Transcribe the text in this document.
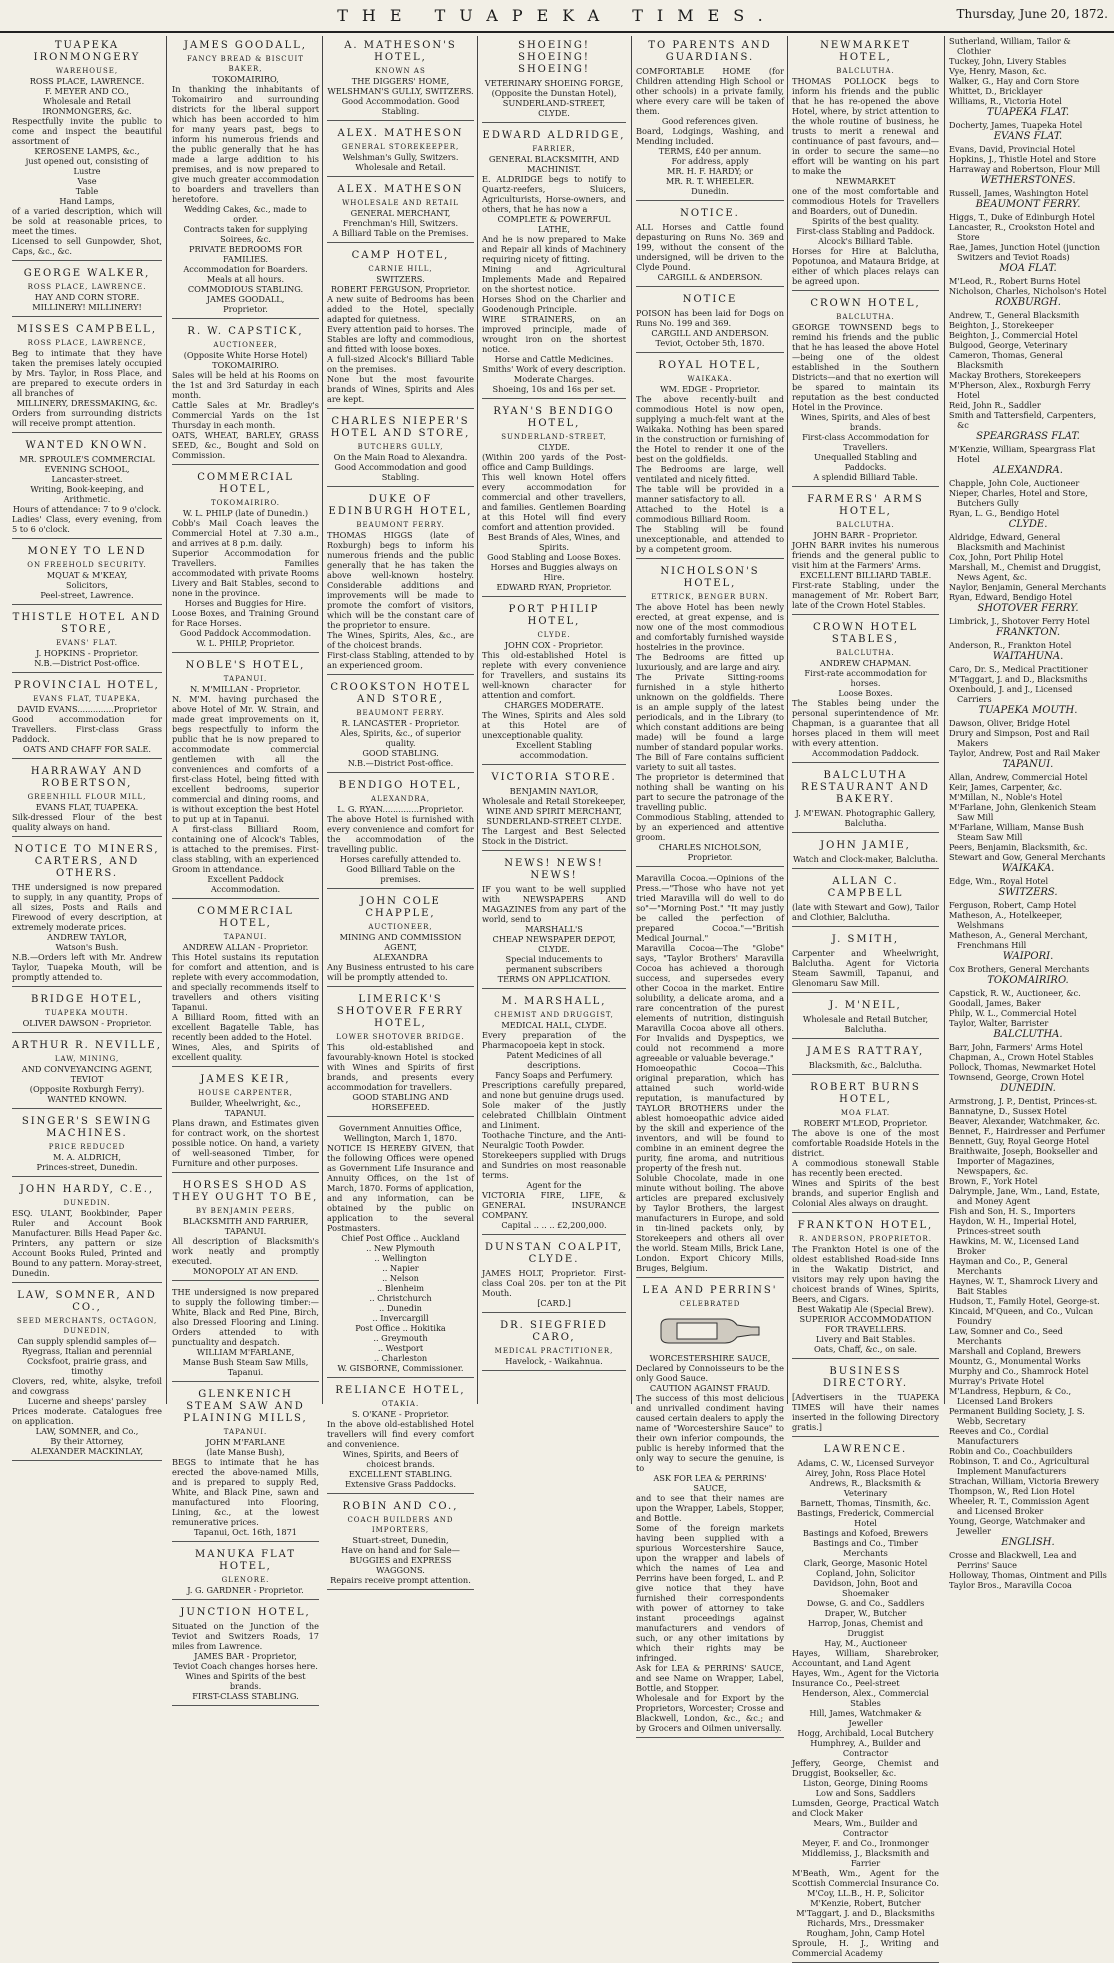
THE TUAPEKA TIMES.	Thursday, June 20, 1872.
TUAPEKA IRONMONGERY
WAREHOUSE,
ROSS PLACE, LAWRENCE.
F. MEYER AND CO.,
Wholesale and Retail
IRONMONGERS, &c.
Respectfully invite the public to come and inspect the beautiful assortment of
KEROSENE LAMPS, &c.,
just opened out, consisting of
Lustre
Vase
Table
Hand Lamps,
of a varied description, which will be sold at reasonable prices, to meet the times.
Licensed to sell Gunpowder, Shot, Caps, &c., &c.
GEORGE WALKER,
ROSS PLACE, LAWRENCE.
HAY AND CORN STORE.
MILLINERY! MILLINERY!
MISSES CAMPBELL,
ROSS PLACE, LAWRENCE,
Beg to intimate that they have taken the premises lately occupied by Mrs. Taylor, in Ross Place, and are prepared to execute orders in all branches of
MILLINERY, DRESSMAKING, &c.
Orders from surrounding districts will receive prompt attention.
WANTED KNOWN.
MR. SPROULE'S COMMERCIAL EVENING SCHOOL,
Lancaster-street.
Writing, Book-keeping, and Arithmetic.
Hours of attendance: 7 to 9 o'clock.
Ladies' Class, every evening, from 5 to 6 o'clock.
MONEY TO LEND
ON FREEHOLD SECURITY.
MQUAT & M'KEAY,
Solicitors,
Peel-street, Lawrence.
THISTLE HOTEL AND STORE,
EVANS' FLAT.
J. HOPKINS - Proprietor.
N.B.—District Post-office.
PROVINCIAL HOTEL,
EVANS FLAT, TUAPEKA,
DAVID EVANS..............Proprietor
Good accommodation for Travellers. First-class Grass Paddock.
OATS AND CHAFF FOR SALE.
HARRAWAY AND ROBERTSON,
GREENHILL FLOUR MILL,
EVANS FLAT, TUAPEKA.
Silk-dressed Flour of the best quality always on hand.
NOTICE TO MINERS, CARTERS, AND OTHERS.
THE undersigned is now prepared to supply, in any quantity, Props of all sizes, Posts and Rails and Firewood of every description, at extremely moderate prices.
ANDREW TAYLOR,
Watson's Bush.
N.B.—Orders left with Mr. Andrew Taylor, Tuapeka Mouth, will be promptly attended to.
BRIDGE HOTEL,
TUAPEKA MOUTH.
OLIVER DAWSON - Proprietor.
ARTHUR R. NEVILLE,
LAW, MINING,
AND CONVEYANCING AGENT,
TEVIOT
(Opposite Roxburgh Ferry).
WANTED KNOWN.
SINGER'S SEWING MACHINES.
PRICE REDUCED
M. A. ALDRICH,
Princes-street, Dunedin.
JOHN HARDY, C.E.,
DUNEDIN.
ESQ. ULANT, Bookbinder, Paper Ruler and Account Book Manufacturer. Bills Head Paper &c. Printers, any pattern or size Account Books Ruled, Printed and Bound to any pattern. Moray-street, Dunedin.
LAW, SOMNER, AND CO.,
SEED MERCHANTS, OCTAGON, DUNEDIN,
Can supply splendid samples of—
Ryegrass, Italian and perennial
Cocksfoot, prairie grass, and timothy
Clovers, red, white, alsyke, trefoil and cowgrass
Lucerne and sheeps' parsley
Prices moderate. Catalogues free on application.
LAW, SOMNER, and Co.,
By their Attorney,
ALEXANDER MACKINLAY,
JAMES GOODALL,
FANCY BREAD & BISCUIT BAKER,
TOKOMAIRIRO,
In thanking the inhabitants of Tokomairiro and surrounding districts for the liberal support which has been accorded to him for many years past, begs to inform his numerous friends and the public generally that he has made a large addition to his premises, and is now prepared to give much greater accommodation to boarders and travellers than heretofore.
Wedding Cakes, &c., made to order.
Contracts taken for supplying Soirees, &c.
PRIVATE BEDROOMS FOR FAMILIES.
Accommodation for Boarders.
Meals at all hours.
COMMODIOUS STABLING.
JAMES GOODALL,
Proprietor.
R. W. CAPSTICK,
AUCTIONEER,
(Opposite White Horse Hotel)
TOKOMAIRIRO.
Sales will be held at his Rooms on the 1st and 3rd Saturday in each month.
Cattle Sales at Mr. Bradley's Commercial Yards on the 1st Thursday in each month.
OATS, WHEAT, BARLEY, GRASS SEED, &c., Bought and Sold on Commission.
COMMERCIAL HOTEL,
TOKOMAIRIRO.
W. L. PHILP (late of Dunedin.)
Cobb's Mail Coach leaves the Commercial Hotel at 7.30 a.m., and arrives at 8 p.m. daily.
Superior Accommodation for Travellers. Families accommodated with private Rooms Livery and Bait Stables, second to none in the province.
Horses and Buggies for Hire.
Loose Boxes, and Training Ground for Race Horses.
Good Paddock Accommodation.
W. L. PHILP, Proprietor.
NOBLE'S HOTEL,
TAPANUI.
N. M'MILLAN - Proprietor.
N. M'M. having purchased the above Hotel of Mr. W. Strain, and made great improvements on it, begs respectfully to inform the public that he is now prepared to accommodate commercial gentlemen with all the conveniences and comforts of a first-class Hotel, being fitted with excellent bedrooms, superior commercial and dining rooms, and is without exception the best Hotel to put up at in Tapanui.
A first-class Billiard Room, containing one of Alcock's Tables, is attached to the premises. First-class stabling, with an experienced Groom in attendance.
Excellent Paddock Accommodation.
COMMERCIAL HOTEL,
TAPANUI.
ANDREW ALLAN - Proprietor.
This Hotel sustains its reputation for comfort and attention, and is replete with every accommodation, and specially recommends itself to travellers and others visiting Tapanui.
A Billiard Room, fitted with an excellent Bagatelle Table, has recently been added to the Hotel.
Wines, Ales, and Spirits of excellent quality.
JAMES KEIR,
HOUSE CARPENTER,
Builder, Wheelwright, &c.,
TAPANUI.
Plans drawn, and Estimates given for contract work, on the shortest possible notice. On hand, a variety of well-seasoned Timber, for Furniture and other purposes.
HORSES SHOD AS THEY OUGHT TO BE,
BY BENJAMIN PEERS,
BLACKSMITH AND FARRIER,
TAPANUI.
All description of Blacksmith's work neatly and promptly executed.
MONOPOLY AT AN END.
THE undersigned is now prepared to supply the following timber:—White, Black and Red Pine, Birch, also Dressed Flooring and Lining. Orders attended to with punctuality and despatch.
WILLIAM M'FARLANE,
Manse Bush Steam Saw Mills, Tapanui.
GLENKENICH STEAM SAW AND PLAINING MILLS,
TAPANUI.
JOHN M'FARLANE
(late Manse Bush),
BEGS to intimate that he has erected the above-named Mills, and is prepared to supply Red, White, and Black Pine, sawn and manufactured into Flooring, Lining, &c., at the lowest remunerative prices.
Tapanui, Oct. 16th, 1871
MANUKA FLAT HOTEL,
GLENORE.
J. G. GARDNER - Proprietor.
JUNCTION HOTEL,
Situated on the Junction of the Teviot and Switzers Roads, 17 miles from Lawrence.
JAMES BAR - Proprietor,
Teviot Coach changes horses here.
Wines and Spirits of the best brands.
FIRST-CLASS STABLING.
A. MATHESON'S HOTEL,
KNOWN AS
THE DIGGERS' HOME,
WELSHMAN'S GULLY, SWITZERS.
Good Accommodation. Good Stabling.
ALEX. MATHESON
GENERAL STOREKEEPER,
Welshman's Gully, Switzers.
Wholesale and Retail.
ALEX. MATHESON
WHOLESALE AND RETAIL
GENERAL MERCHANT,
Frenchman's Hill, Switzers.
A Billiard Table on the Premises.
CAMP HOTEL,
CARNIE HILL,
SWITZERS.
ROBERT FERGUSON, Proprietor.
A new suite of Bedrooms has been added to the Hotel, specially adapted for quietness.
Every attention paid to horses. The Stables are lofty and commodious, and fitted with loose boxes.
A full-sized Alcock's Billiard Table on the premises.
None but the most favourite brands of Wines, Spirits and Ales are kept.
CHARLES NIEPER'S HOTEL AND STORE,
BUTCHERS GULLY,
On the Main Road to Alexandra.
Good Accommodation and good Stabling.
DUKE OF EDINBURGH HOTEL,
BEAUMONT FERRY.
THOMAS HIGGS (late of Roxburgh) begs to inform his numerous friends and the public generally that he has taken the above well-known hostelry. Considerable additions and improvements will be made to promote the comfort of visitors, which will be the constant care of the proprietor to ensure.
The Wines, Spirits, Ales, &c., are of the choicest brands.
First-class Stabling, attended to by an experienced groom.
CROOKSTON HOTEL AND STORE,
BEAUMONT FERRY.
R. LANCASTER - Proprietor.
Ales, Spirits, &c., of superior quality.
GOOD STABLING.
N.B.—District Post-office.
BENDIGO HOTEL,
ALEXANDRA,
L. G. RYAN..............Proprietor.
The above Hotel is furnished with every convenience and comfort for the accommodation of the travelling public.
Horses carefully attended to.
Good Billiard Table on the premises.
JOHN COLE CHAPPLE,
AUCTIONEER,
MINING AND COMMISSION AGENT,
ALEXANDRA
Any Business entrusted to his care will be promptly attended to.
LIMERICK'S SHOTOVER FERRY HOTEL,
LOWER SHOTOVER BRIDGE.
This old-established and favourably-known Hotel is stocked with Wines and Spirits of first brands, and presents every accommodation for travellers.
GOOD STABLING AND HORSEFEED.
Government Annuities Office,
Wellington, March 1, 1870.
NOTICE IS HEREBY GIVEN, that the following Offices were opened as Government Life Insurance and Annuity Offices, on the 1st of March, 1870. Forms of application, and any information, can be obtained by the public on application to the several Postmasters.
Chief Post Office .. Auckland
.. New Plymouth
.. Wellington
.. Napier
.. Nelson
.. Blenheim
.. Christchurch
.. Dunedin
.. Invercargill
Post Office .. Hokitika
.. Greymouth
.. Westport
.. Charleston
W. GISBORNE, Commissioner.
RELIANCE HOTEL,
OTAKIA.
S. O'KANE - Proprietor.
In the above old-established Hotel travellers will find every comfort and convenience.
Wines, Spirits, and Beers of choicest brands.
EXCELLENT STABLING.
Extensive Grass Paddocks.
ROBIN AND CO.,
COACH BUILDERS AND IMPORTERS,
Stuart-street, Dunedin,
Have on hand and for Sale—
BUGGIES and EXPRESS WAGGONS.
Repairs receive prompt attention.
SHOEING! SHOEING! SHOEING!
VETERINARY SHOEING FORGE,
(Opposite the Dunstan Hotel),
SUNDERLAND-STREET,
CLYDE.
EDWARD ALDRIDGE,
FARRIER,
GENERAL BLACKSMITH, AND MACHINIST.
E. ALDRIDGE begs to notify to Quartz-reefers, Sluicers, Agriculturists, Horse-owners, and others, that he has now a
COMPLETE & POWERFUL LATHE,
And he is now prepared to Make and Repair all kinds of Machinery requiring nicety of fitting.
Mining and Agricultural Implements Made and Repaired on the shortest notice.
Horses Shod on the Charlier and Goodenough Principle.
WIRE STRAINERS, on an improved principle, made of wrought iron on the shortest notice.
Horse and Cattle Medicines.
Smiths' Work of every description.
Moderate Charges.
Shoeing, 10s and 16s per set.
RYAN'S BENDIGO HOTEL,
SUNDERLAND-STREET,
CLYDE.
(Within 200 yards of the Post-office and Camp Buildings.
This well known Hotel offers every accommodation for commercial and other travellers, and families. Gentlemen Boarding at this Hotel will find every comfort and attention provided.
Best Brands of Ales, Wines, and Spirits.
Good Stabling and Loose Boxes.
Horses and Buggies always on Hire.
EDWARD RYAN, Proprietor.
PORT PHILIP HOTEL,
CLYDE.
JOHN COX - Proprietor.
This old-established Hotel is replete with every convenience for Travellers, and sustains its well-known character for attention and comfort.
CHARGES MODERATE.
The Wines, Spirits and Ales sold at this Hotel are of unexceptionable quality.
Excellent Stabling accommodation.
VICTORIA STORE.
BENJAMIN NAYLOR,
Wholesale and Retail Storekeeper,
WINE AND SPIRIT MERCHANT,
SUNDERLAND-STREET CLYDE.
The Largest and Best Selected Stock in the District.
NEWS! NEWS! NEWS!
IF you want to be well supplied with NEWSPAPERS AND MAGAZINES from any part of the world, send to
MARSHALL'S
CHEAP NEWSPAPER DEPOT,
CLYDE.
Special inducements to permanent subscribers
TERMS ON APPLICATION.
M. MARSHALL,
CHEMIST AND DRUGGIST,
MEDICAL HALL, CLYDE.
Every preparation of the Pharmacopoeia kept in stock.
Patent Medicines of all descriptions.
Fancy Soaps and Perfumery.
Prescriptions carefully prepared, and none but genuine drugs used.
Sole maker of the justly celebrated Chillblain Ointment and Liniment.
Toothache Tincture, and the Anti-Neuralgic Tooth Powder.
Storekeepers supplied with Drugs and Sundries on most reasonable terms.
Agent for the
VICTORIA FIRE, LIFE, & GENERAL INSURANCE COMPANY.
Capital .. .. .. £2,200,000.
DUNSTAN COALPIT, CLYDE.
JAMES HOLT, Proprietor. First-class Coal 20s. per ton at the Pit Mouth.
[CARD.]
DR. SIEGFRIED CARO,
MEDICAL PRACTITIONER,
Havelock, - Waikahnua.
TO PARENTS AND GUARDIANS.
COMFORTABLE HOME (for Children attending High School or other schools) in a private family, where every care will be taken of them.
Good references given.
Board, Lodgings, Washing, and Mending included.
TERMS, £40 per annum.
For address, apply
MR. H. F. HARDY; or
MR. R. T. WHEELER.
Dunedin.
NOTICE.
ALL Horses and Cattle found depasturing on Runs No. 369 and 199, without the consent of the undersigned, will be driven to the Clyde Pound.
CARGILL & ANDERSON.
NOTICE
POISON has been laid for Dogs on Runs No. 199 and 369.
CARGILL AND ANDERSON.
Teviot, October 5th, 1870.
ROYAL HOTEL,
WAIKAKA.
WM. EDGE - Proprietor.
The above recently-built and commodious Hotel is now open, supplying a much-felt want at the Waikaka. Nothing has been spared in the construction or furnishing of the Hotel to render it one of the best on the goldfields.
The Bedrooms are large, well ventilated and nicely fitted.
The table will be provided in a manner satisfactory to all.
Attached to the Hotel is a commodious Billiard Room.
The Stabling will be found unexceptionable, and attended to by a competent groom.
NICHOLSON'S HOTEL,
ETTRICK, BENGER BURN.
The above Hotel has been newly erected, at great expense, and is now one of the most commodious and comfortably furnished wayside hostelries in the province.
The Bedrooms are fitted up luxuriously, and are large and airy.
The Private Sitting-rooms furnished in a style hitherto unknown on the goldfields. There is an ample supply of the latest periodicals, and in the Library (to which constant additions are being made) will be found a large number of standard popular works.
The Bill of Fare contains sufficient variety to suit all tastes.
The proprietor is determined that nothing shall be wanting on his part to secure the patronage of the travelling public.
Commodious Stabling, attended to by an experienced and attentive groom.
CHARLES NICHOLSON, Proprietor.
Maravilla Cocoa.—Opinions of the Press.—"Those who have not yet tried Maravilla will do well to do so"—"Morning Post." "It may justly be called the perfection of prepared Cocoa."—"British Medical Journal."
Maravilla Cocoa—The "Globe" says, "Taylor Brothers' Maravilla Cocoa has achieved a thorough success, and supersedes every other Cocoa in the market. Entire solubility, a delicate aroma, and a rare concentration of the purest elements of nutrition, distinguish Maravilla Cocoa above all others. For Invalids and Dyspeptics, we could not recommend a more agreeable or valuable beverage."
Homoeopathic Cocoa—This original preparation, which has attained such world-wide reputation, is manufactured by TAYLOR BROTHERS under the ablest homoeopathic advice aided by the skill and experience of the inventors, and will be found to combine in an eminent degree the purity, fine aroma, and nutritious property of the fresh nut.
Soluble Chocolate, made in one minute without boiling. The above articles are prepared exclusively by Taylor Brothers, the largest manufacturers in Europe, and sold in tin-lined packets only, by Storekeepers and others all over the world. Steam Mills, Brick Lane, London. Export Chicory Mills, Bruges, Belgium.
LEA AND PERRINS'
CELEBRATED
WORCESTERSHIRE SAUCE,
Declared by Connoisseurs to be the only Good Sauce.
CAUTION AGAINST FRAUD.
The success of this most delicious and unrivalled condiment having caused certain dealers to apply the name of "Worcestershire Sauce" to their own inferior compounds, the public is hereby informed that the only way to secure the genuine, is to
ASK FOR LEA & PERRINS' SAUCE,
and to see that their names are upon the Wrapper, Labels, Stopper, and Bottle.
Some of the foreign markets having been supplied with a spurious Worcestershire Sauce, upon the wrapper and labels of which the names of Lea and Perrins have been forged, L. and P. give notice that they have furnished their correspondents with power of attorney to take instant proceedings against manufacturers and vendors of such, or any other imitations by which their rights may be infringed.
Ask for LEA & PERRINS' SAUCE, and see Name on Wrapper, Label, Bottle, and Stopper.
Wholesale and for Export by the Proprietors, Worcester; Crosse and Blackwell, London, &c., &c.; and by Grocers and Oilmen universally.
NEWMARKET HOTEL,
BALCLUTHA.
THOMAS POLLOCK begs to inform his friends and the public that he has re-opened the above Hotel, where, by strict attention to the whole routine of business, he trusts to merit a renewal and continuance of past favours, and—in order to secure the same—no effort will be wanting on his part to make the
NEWMARKET
one of the most comfortable and commodious Hotels for Travellers and Boarders, out of Dunedin.
Spirits of the best quality.
First-class Stabling and Paddock.
Alcock's Billiard Table.
Horses for Hire at Balclutha, Popotunoa, and Mataura Bridge, at either of which places relays can be agreed upon.
CROWN HOTEL,
BALCLUTHA.
GEORGE TOWNSEND begs to remind his friends and the public that he has leased the above Hotel—being one of the oldest established in the Southern Districts—and that no exertion will be spared to maintain its reputation as the best conducted Hotel in the Province.
Wines, Spirits, and Ales of best brands.
First-class Accommodation for Travellers.
Unequalled Stabling and Paddocks.
A splendid Billiard Table.
FARMERS' ARMS HOTEL,
BALCLUTHA.
JOHN BARR - Proprietor.
JOHN BARR invites his numerous friends and the general public to visit him at the Farmers' Arms.
EXCELLENT BILLIARD TABLE.
First-rate Stabling, under the management of Mr. Robert Barr, late of the Crown Hotel Stables.
CROWN HOTEL STABLES,
BALCLUTHA.
ANDREW CHAPMAN.
First-rate accommodation for horses.
Loose Boxes.
The Stables being under the personal superintendence of Mr. Chapman, is a guarantee that all horses placed in them will meet with every attention.
Accommodation Paddock.
BALCLUTHA RESTAURANT AND BAKERY.
J. M'EWAN. Photographic Gallery, Balclutha.
JOHN JAMIE,
Watch and Clock-maker, Balclutha.
ALLAN C. CAMPBELL
(late with Stewart and Gow), Tailor and Clothier, Balclutha.
J. SMITH,
Carpenter and Wheelwright, Balclutha. Agent for Victoria Steam Sawmill, Tapanui, and Glenomaru Saw Mill.
J. M'NEIL,
Wholesale and Retail Butcher, Balclutha.
JAMES RATTRAY,
Blacksmith, &c., Balclutha.
ROBERT BURNS HOTEL,
MOA FLAT.
ROBERT M'LEOD, Proprietor.
The above is one of the most comfortable Roadside Hotels in the district.
A commodious stonewall Stable has recently been erected.
Wines and Spirits of the best brands, and superior English and Colonial Ales always on draught.
FRANKTON HOTEL,
R. ANDERSON, PROPRIETOR.
The Frankton Hotel is one of the oldest established Road-side Inns in the Wakatip District, and visitors may rely upon having the choicest brands of Wines, Spirits, Beers, and Cigars.
Best Wakatip Ale (Special Brew).
SUPERIOR ACCOMMODATION FOR TRAVELLERS.
Livery and Bait Stables.
Oats, Chaff, &c., on sale.
BUSINESS DIRECTORY.
[Advertisers in the TUAPEKA TIMES will have their names inserted in the following Directory gratis.]
LAWRENCE.
Adams, C. W., Licensed Surveyor
Airey, John, Ross Place Hotel
Andrews, R., Blacksmith & Veterinary
Barnett, Thomas, Tinsmith, &c.
Bastings, Frederick, Commercial Hotel
Bastings and Kofoed, Brewers
Bastings and Co., Timber Merchants
Clark, George, Masonic Hotel
Copland, John, Solicitor
Davidson, John, Boot and Shoemaker
Dowse, G. and Co., Saddlers
Draper, W., Butcher
Harrop, Jonas, Chemist and Druggist
Hay, M., Auctioneer
Hayes, William, Sharebroker, Accountant, and Land Agent
Hayes, Wm., Agent for the Victoria Insurance Co., Peel-street
Henderson, Alex., Commercial Stables
Hill, James, Watchmaker & Jeweller
Hogg, Archibald, Local Butchery
Humphrey, A., Builder and Contractor
Jeffery, George, Chemist and Druggist, Bookseller, &c.
Liston, George, Dining Rooms
Low and Sons, Saddlers
Lumsden, George, Practical Watch and Clock Maker
Mears, Wm., Builder and Contractor
Meyer, F. and Co., Ironmonger
Middlemiss, J., Blacksmith and Farrier
M'Beath, Wm., Agent for the Scottish Commercial Insurance Co.
M'Coy, LL.B., H. P., Solicitor
M'Kenzie, Robert, Butcher
M'Taggart, J. and D., Blacksmiths
Richards, Mrs., Dressmaker
Rougham, John, Camp Hotel
Sproule, H. J., Writing and Commercial Academy
Sutherland, William, Tailor & Clothier
Tuckey, John, Livery Stables
Vye, Henry, Mason, &c.
Walker, G., Hay and Corn Store
Whittet, D., Bricklayer
Williams, R., Victoria Hotel
TUAPEKA FLAT.
Docherty, James, Tuapeka Hotel
EVANS FLAT.
Evans, David, Provincial Hotel
Hopkins, J., Thistle Hotel and Store
Harraway and Robertson, Flour Mill
WETHERSTONES.
Russell, James, Washington Hotel
BEAUMONT FERRY.
Higgs, T., Duke of Edinburgh Hotel
Lancaster, R., Crookston Hotel and Store
Rae, James, Junction Hotel (junction Switzers and Teviot Roads)
MOA FLAT.
M'Leod, R., Robert Burns Hotel
Nicholson, Charles, Nicholson's Hotel
ROXBURGH.
Andrew, T., General Blacksmith
Beighton, J., Storekeeper
Beighton, J., Commercial Hotel
Bulgood, George, Veterinary
Cameron, Thomas, General Blacksmith
Mackay Brothers, Storekeepers
M'Pherson, Alex., Roxburgh Ferry Hotel
Reid, John R., Saddler
Smith and Tattersfield, Carpenters, &c
SPEARGRASS FLAT.
M'Kenzie, William, Speargrass Flat Hotel
ALEXANDRA.
Chapple, John Cole, Auctioneer
Nieper, Charles, Hotel and Store, Butchers Gully
Ryan, L. G., Bendigo Hotel
CLYDE.
Aldridge, Edward, General Blacksmith and Machinist
Cox, John, Port Philip Hotel
Marshall, M., Chemist and Druggist, News Agent, &c.
Naylor, Benjamin, General Merchants
Ryan, Edward, Bendigo Hotel
SHOTOVER FERRY.
Limbrick, J., Shotover Ferry Hotel
FRANKTON.
Anderson, R., Frankton Hotel
WAITAHUNA.
Caro, Dr. S., Medical Practitioner
M'Taggart, J. and D., Blacksmiths
Oxenbould, J. and J., Licensed Carriers
TUAPEKA MOUTH.
Dawson, Oliver, Bridge Hotel
Drury and Simpson, Post and Rail Makers
Taylor, Andrew, Post and Rail Maker
TAPANUI.
Allan, Andrew, Commercial Hotel
Keir, James, Carpenter, &c.
M'Millan, N., Noble's Hotel
M'Farlane, John, Glenkenich Steam Saw Mill
M'Farlane, William, Manse Bush Steam Saw Mill
Peers, Benjamin, Blacksmith, &c.
Stewart and Gow, General Merchants
WAIKAKA.
Edge, Wm., Royal Hotel
SWITZERS.
Ferguson, Robert, Camp Hotel
Matheson, A., Hotelkeeper, Welshmans
Matheson, A., General Merchant, Frenchmans Hill
WAIPORI.
Cox Brothers, General Merchants
TOKOMAIRIRO.
Capstick, R. W., Auctioneer, &c.
Goodall, James, Baker
Philp, W. L., Commercial Hotel
Taylor, Walter, Barrister
BALCLUTHA.
Barr, John, Farmers' Arms Hotel
Chapman, A., Crown Hotel Stables
Pollock, Thomas, Newmarket Hotel
Townsend, George, Crown Hotel
DUNEDIN.
Armstrong, J. P., Dentist, Princes-st.
Bannatyne, D., Sussex Hotel
Beaver, Alexander, Watchmaker, &c.
Bennet, F., Hairdresser and Perfumer
Bennett, Guy, Royal George Hotel
Braithwaite, Joseph, Bookseller and Importer of Magazines, Newspapers, &c.
Brown, F., York Hotel
Dalrymple, Jane, Wm., Land, Estate, and Money Agent
Fish and Son, H. S., Importers
Haydon, W. H., Imperial Hotel, Princes-street south
Hawkins, M. W., Licensed Land Broker
Hayman and Co., P., General Merchants
Haynes, W. T., Shamrock Livery and Bait Stables
Hudson, T., Family Hotel, George-st.
Kincaid, M'Queen, and Co., Vulcan Foundry
Law, Somner and Co., Seed Merchants
Marshall and Copland, Brewers
Mountz, G., Monumental Works
Murphy and Co., Shamrock Hotel
Murray's Private Hotel
M'Landress, Hepburn, & Co., Licensed Land Brokers
Permanent Building Society, J. S. Webb, Secretary
Reeves and Co., Cordial Manufacturers
Robin and Co., Coachbuilders
Robinson, T. and Co., Agricultural Implement Manufacturers
Strachan, William, Victoria Brewery
Thompson, W., Red Lion Hotel
Wheeler, R. T., Commission Agent and Licensed Broker
Young, George, Watchmaker and Jeweller
ENGLISH.
Crosse and Blackwell, Lea and Perrins' Sauce
Holloway, Thomas, Ointment and Pills
Taylor Bros., Maravilla Cocoa
